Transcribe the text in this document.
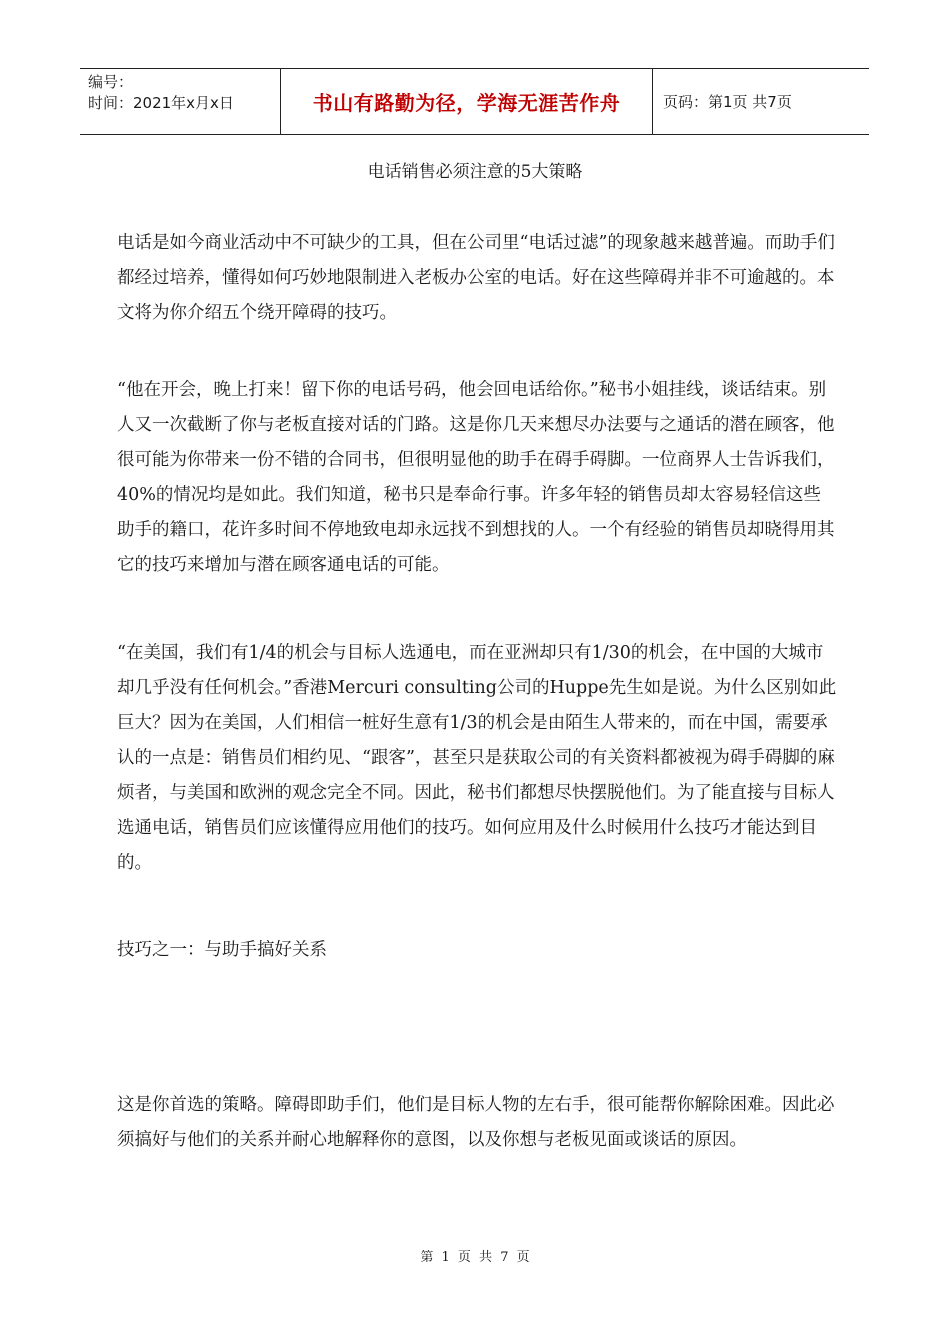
编号：
时间：2021年x月x日	书山有路勤为径，学海无涯苦作舟	页码：第1页 共7页
电话销售必须注意的5大策略

电话是如今商业活动中不可缺少的工具，但在公司里“电话过滤”的现象越来越普遍。而助手们都经过培养，懂得如何巧妙地限制进入老板办公室的电话。好在这些障碍并非不可逾越的。本文将为你介绍五个绕开障碍的技巧。

“他在开会，晚上打来！留下你的电话号码，他会回电话给你。”秘书小姐挂线，谈话结束。别人又一次截断了你与老板直接对话的门路。这是你几天来想尽办法要与之通话的潜在顾客，他很可能为你带来一份不错的合同书，但很明显他的助手在碍手碍脚。一位商界人士告诉我们，40%的情况均是如此。我们知道，秘书只是奉命行事。许多年轻的销售员却太容易轻信这些助手的籍口，花许多时间不停地致电却永远找不到想找的人。一个有经验的销售员却晓得用其它的技巧来增加与潜在顾客通电话的可能。

“在美国，我们有1/4的机会与目标人选通电，而在亚洲却只有1/30的机会，在中国的大城市却几乎没有任何机会。”香港Mercuri consulting公司的Huppe先生如是说。为什么区别如此巨大？因为在美国，人们相信一桩好生意有1/3的机会是由陌生人带来的，而在中国，需要承认的一点是：销售员们相约见、“跟客”，甚至只是获取公司的有关资料都被视为碍手碍脚的麻烦者，与美国和欧洲的观念完全不同。因此，秘书们都想尽快摆脱他们。为了能直接与目标人选通电话，销售员们应该懂得应用他们的技巧。如何应用及什么时候用什么技巧才能达到目的。

技巧之一：与助手搞好关系

这是你首选的策略。障碍即助手们，他们是目标人物的左右手，很可能帮你解除困难。因此必须搞好与他们的关系并耐心地解释你的意图，以及你想与老板见面或谈话的原因。

第 1 页 共 7 页
